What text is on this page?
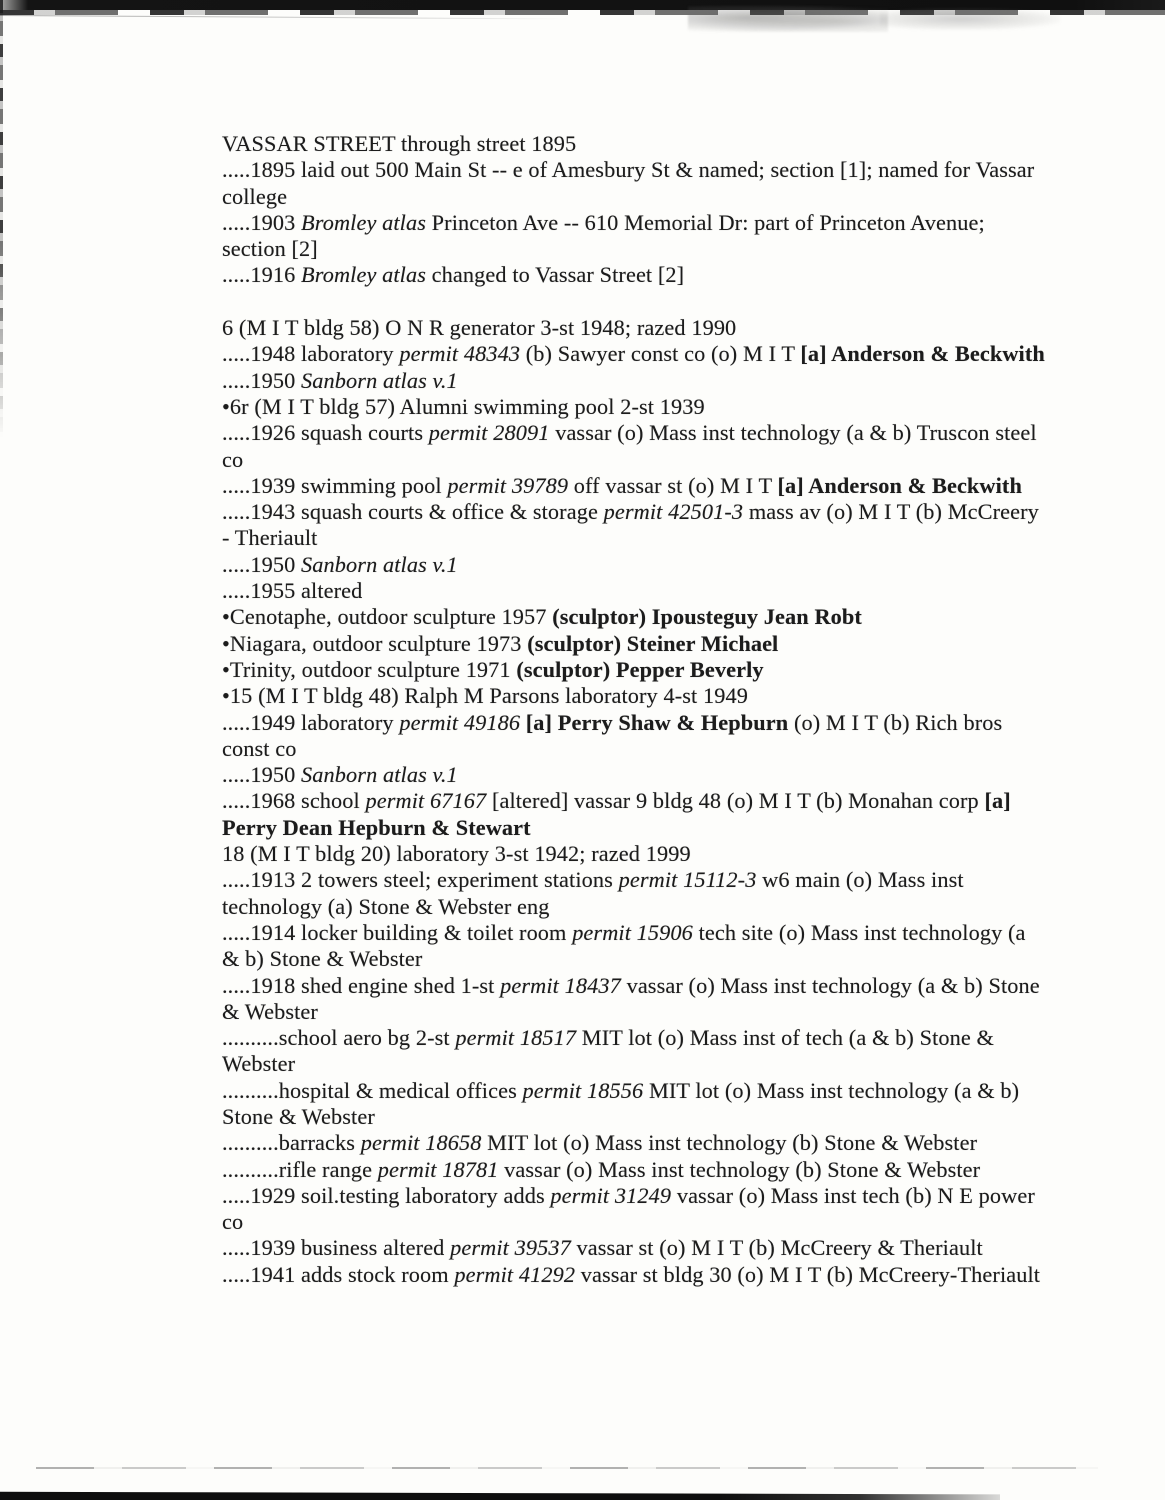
VASSAR STREET through street 1895

.....1895 laid out 500 Main St -- e of Amesbury St & named; section [1]; named for Vassar college

.....1903 Bromley atlas Princeton Ave -- 610 Memorial Dr: part of Princeton Avenue; section [2]

.....1916 Bromley atlas changed to Vassar Street [2]

6 (M I T bldg 58) O N R generator 3-st 1948; razed 1990

.....1948 laboratory permit 48343 (b) Sawyer const co (o) M I T [a] Anderson & Beckwith

.....1950 Sanborn atlas v.1

•6r (M I T bldg 57) Alumni swimming pool 2-st 1939

.....1926 squash courts permit 28091 vassar (o) Mass inst technology (a & b) Truscon steel co

.....1939 swimming pool permit 39789 off vassar st (o) M I T [a] Anderson & Beckwith

.....1943 squash courts & office & storage permit 42501-3 mass av (o) M I T (b) McCreery - Theriault

.....1950 Sanborn atlas v.1

.....1955 altered

•Cenotaphe, outdoor sculpture 1957 (sculptor) Ipousteguy Jean Robt

•Niagara, outdoor sculpture 1973 (sculptor) Steiner Michael

•Trinity, outdoor sculpture 1971 (sculptor) Pepper Beverly

•15 (M I T bldg 48) Ralph M Parsons laboratory 4-st 1949

.....1949 laboratory permit 49186 [a] Perry Shaw & Hepburn (o) M I T (b) Rich bros const co

.....1950 Sanborn atlas v.1

.....1968 school permit 67167 [altered] vassar 9 bldg 48 (o) M I T (b) Monahan corp [a] Perry Dean Hepburn & Stewart

18 (M I T bldg 20) laboratory 3-st 1942; razed 1999

.....1913 2 towers steel; experiment stations permit 15112-3 w6 main (o) Mass inst technology (a) Stone & Webster eng

.....1914 locker building & toilet room permit 15906 tech site (o) Mass inst technology (a & b) Stone & Webster

.....1918 shed engine shed 1-st permit 18437 vassar (o) Mass inst technology (a & b) Stone & Webster

..........school aero bg 2-st permit 18517 MIT lot (o) Mass inst of tech (a & b) Stone & Webster

..........hospital & medical offices permit 18556 MIT lot (o) Mass inst technology (a & b) Stone & Webster

..........barracks permit 18658 MIT lot (o) Mass inst technology (b) Stone & Webster

..........rifle range permit 18781 vassar (o) Mass inst technology (b) Stone & Webster

.....1929 soil.testing laboratory adds permit 31249 vassar (o) Mass inst tech (b) N E power co

.....1939 business altered permit 39537 vassar st (o) M I T (b) McCreery & Theriault

.....1941 adds stock room permit 41292 vassar st bldg 30 (o) M I T (b) McCreery-Theriault
